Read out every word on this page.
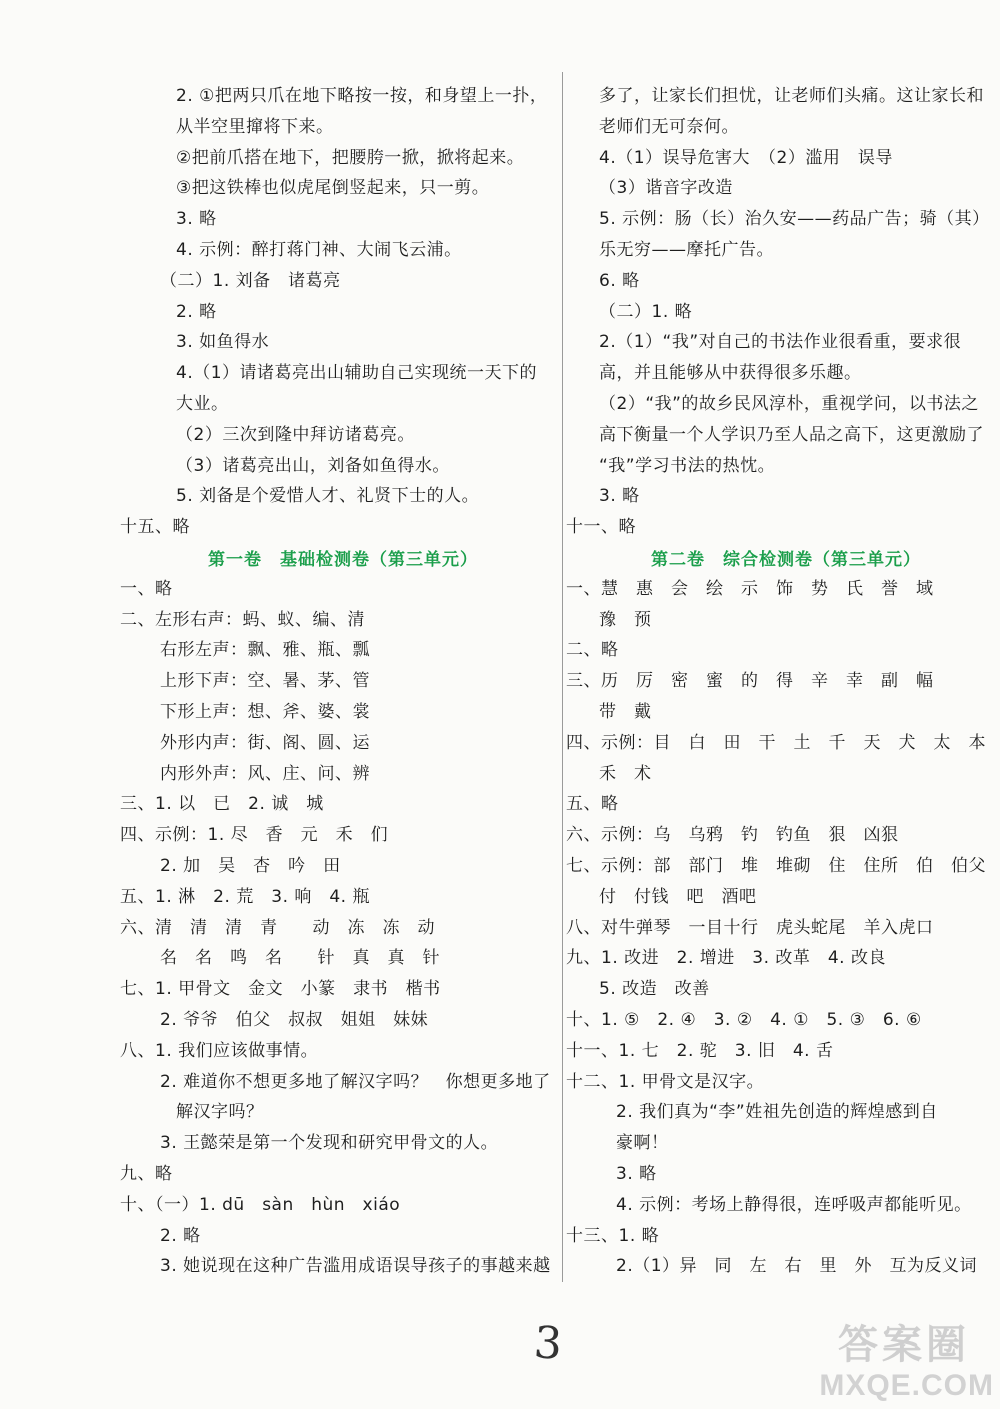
2. ①把两只爪在地下略按一按，和身望上一扑，
从半空里撺将下来。
②把前爪搭在地下，把腰胯一掀，掀将起来。
③把这铁棒也似虎尾倒竖起来，只一剪。
3. 略
4. 示例：醉打蒋门神、大闹飞云浦。
（二）1. 刘备　诸葛亮
2. 略
3. 如鱼得水
4.（1）请诸葛亮出山辅助自己实现统一天下的
大业。
（2）三次到隆中拜访诸葛亮。
（3）诸葛亮出山，刘备如鱼得水。
5. 刘备是个爱惜人才、礼贤下士的人。
十五、略
第一卷　基础检测卷（第三单元）
一、略
二、左形右声：蚂、蚁、编、清
右形左声：飘、雅、瓶、瓢
上形下声：空、暑、茅、管
下形上声：想、斧、婆、裳
外形内声：街、阁、圆、运
内形外声：风、庄、问、辨
三、1. 以　已　2. 诚　城
四、示例：1. 尽　香　元　禾　们
2. 加　吴　杏　吟　田
五、1. 淋　2. 荒　3. 响　4. 瓶
六、清　清　清　青　　动　冻　冻　动
名　名　鸣　名　　针　真　真　针
七、1. 甲骨文　金文　小篆　隶书　楷书
2. 爷爷　伯父　叔叔　姐姐　妹妹
八、1. 我们应该做事情。
2. 难道你不想更多地了解汉字吗？　你想更多地了
解汉字吗？
3. 王懿荣是第一个发现和研究甲骨文的人。
九、略
十、（一）1. dū　sàn　hùn　xiáo
2. 略
3. 她说现在这种广告滥用成语误导孩子的事越来越
多了，让家长们担忧，让老师们头痛。这让家长和
老师们无可奈何。
4.（1）误导危害大　（2）滥用　误导
（3）谐音字改造
5. 示例：肠（长）治久安——药品广告；骑（其）
乐无穷——摩托广告。
6. 略
（二）1. 略
2.（1）“我”对自己的书法作业很看重，要求很
高，并且能够从中获得很多乐趣。
（2）“我”的故乡民风淳朴，重视学问，以书法之
高下衡量一个人学识乃至人品之高下，这更激励了
“我”学习书法的热忱。
3. 略
十一、略
第二卷　综合检测卷（第三单元）
一、慧　惠　会　绘　示　饰　势　氏　誉　域
豫　预
二、略
三、历　厉　密　蜜　的　得　辛　幸　副　幅
带　戴
四、示例：目　白　田　干　土　千　天　犬　太　本
禾　术
五、略
六、示例：乌　乌鸦　钓　钓鱼　狠　凶狠
七、示例：部　部门　堆　堆砌　住　住所　伯　伯父
付　付钱　吧　酒吧
八、对牛弹琴　一目十行　虎头蛇尾　羊入虎口
九、1. 改进　2. 增进　3. 改革　4. 改良
5. 改造　改善
十、1. ⑤　2. ④　3. ②　4. ①　5. ③　6. ⑥
十一、1. 七　2. 驼　3. 旧　4. 舌
十二、1. 甲骨文是汉字。
2. 我们真为“李”姓祖先创造的辉煌感到自
豪啊！
3. 略
4. 示例：考场上静得很，连呼吸声都能听见。
十三、1. 略
2.（1）异　同　左　右　里　外　互为反义词
3	答案圈
MXQE.COM
